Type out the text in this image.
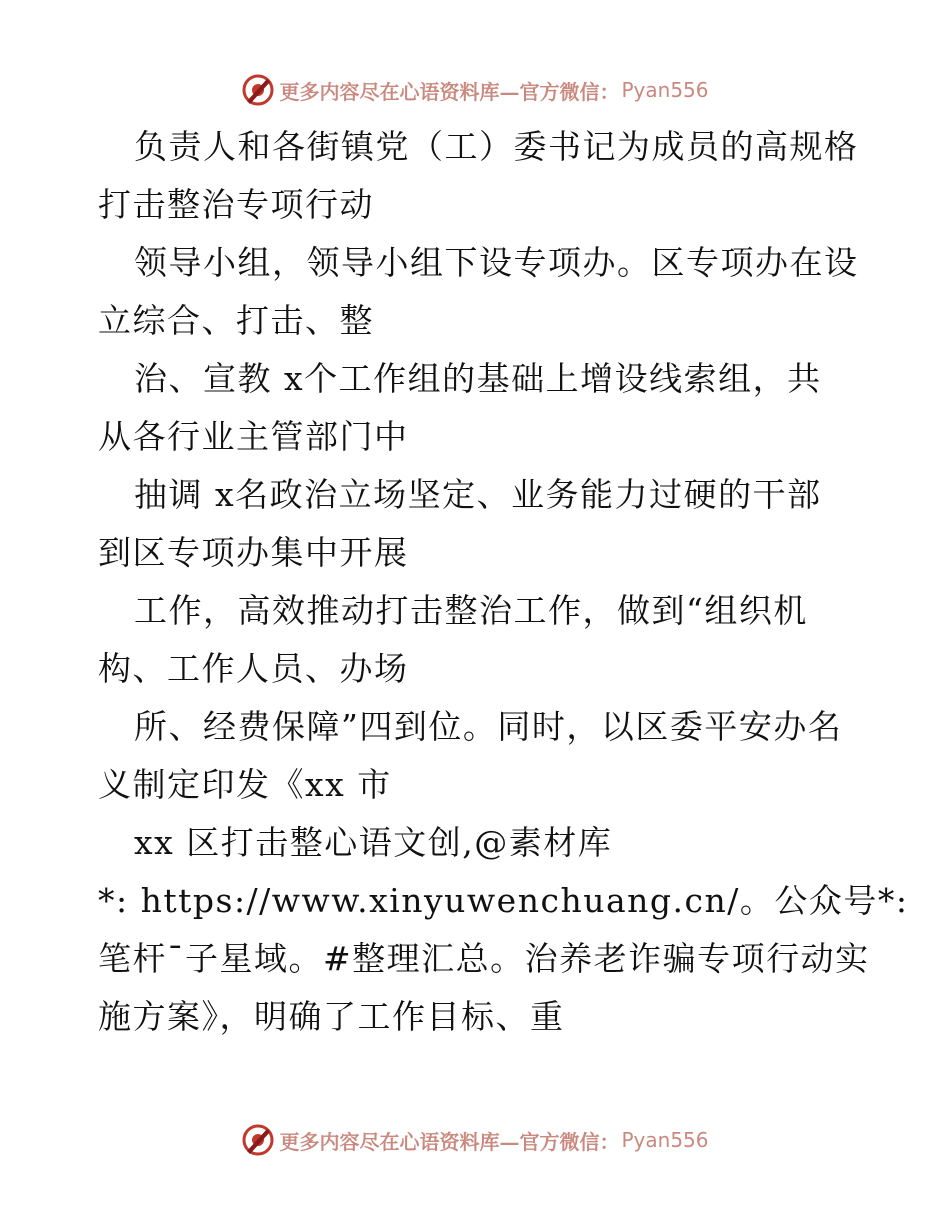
更多内容尽在心语资料库—官方微信： Pyan556
负责人和各街镇党（工）委书记为成员的高规格
打击整治专项行动
领导小组，领导小组下设专项办。区专项办在设
立综合、打击、整
治、宣教 x个工作组的基础上增设线索组，共
从各行业主管部门中
抽调 x名政治立场坚定、业务能力过硬的干部
到区专项办集中开展
工作，高效推动打击整治工作，做到“组织机
构、工作人员、办场
所、经费保障”四到位。同时，以区委平安办名
义制定印发《xx 市
xx 区打击整心语文创,@素材库
*: https://www.xinyuwenchuang.cn/。公众号*:
笔杆¯子星域。#整理汇总。治养老诈骗专项行动实
施方案》，明确了工作目标、重
更多内容尽在心语资料库—官方微信： Pyan556
